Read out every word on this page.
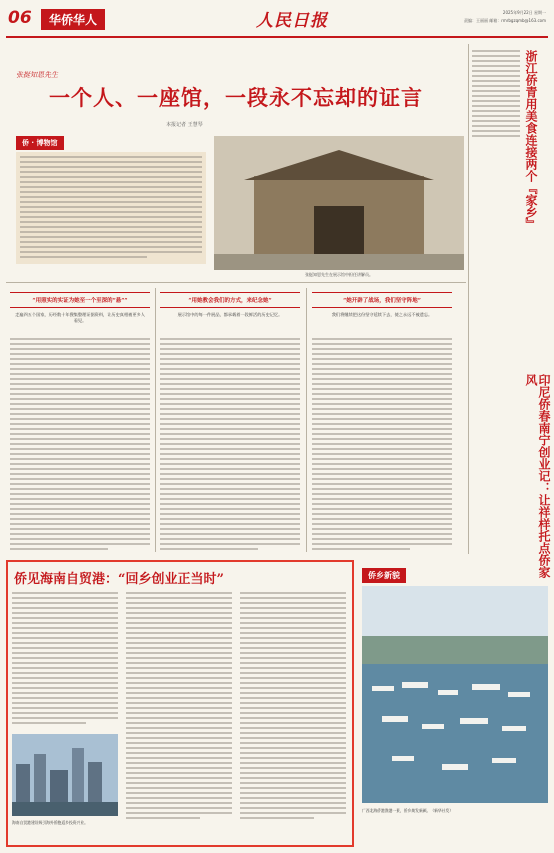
06	华侨华人	人民日报	2025年9月22日 星期一
责编：王丽丽 邮箱：rmrbgzqmb@163.com
张挺知恩先生
一个人、一座馆，一段永不忘却的证言
本报记者 王慧琴
侨 · 博物馆
张挺知恩先生在展示馆中担任讲解员。
浙江侨青用美食连接两个『家乡』
印尼侨春南宁创业记：让祥样托点侨家风
“用照实的实证为她至一个至深的“悬””
走遍四五个国家，历经数十年搜集整理证据资料，让历史真相被更多人看见。
“用她教会我们的方式，来纪念她”
展示馆中的每一件展品，都承载着一段鲜活的历史记忆。
“她开辟了战场，我们坚守阵地”
我们将继续把这份坚守延续下去，使之永远不被遗忘。
侨见海南自贸港：“回乡创业正当时”
海南自贸港建设吸引海外侨胞返乡投资兴业。
侨乡新貌
广西北海侨港渔港一景，侨乡焕发新颜。（新华社发）
